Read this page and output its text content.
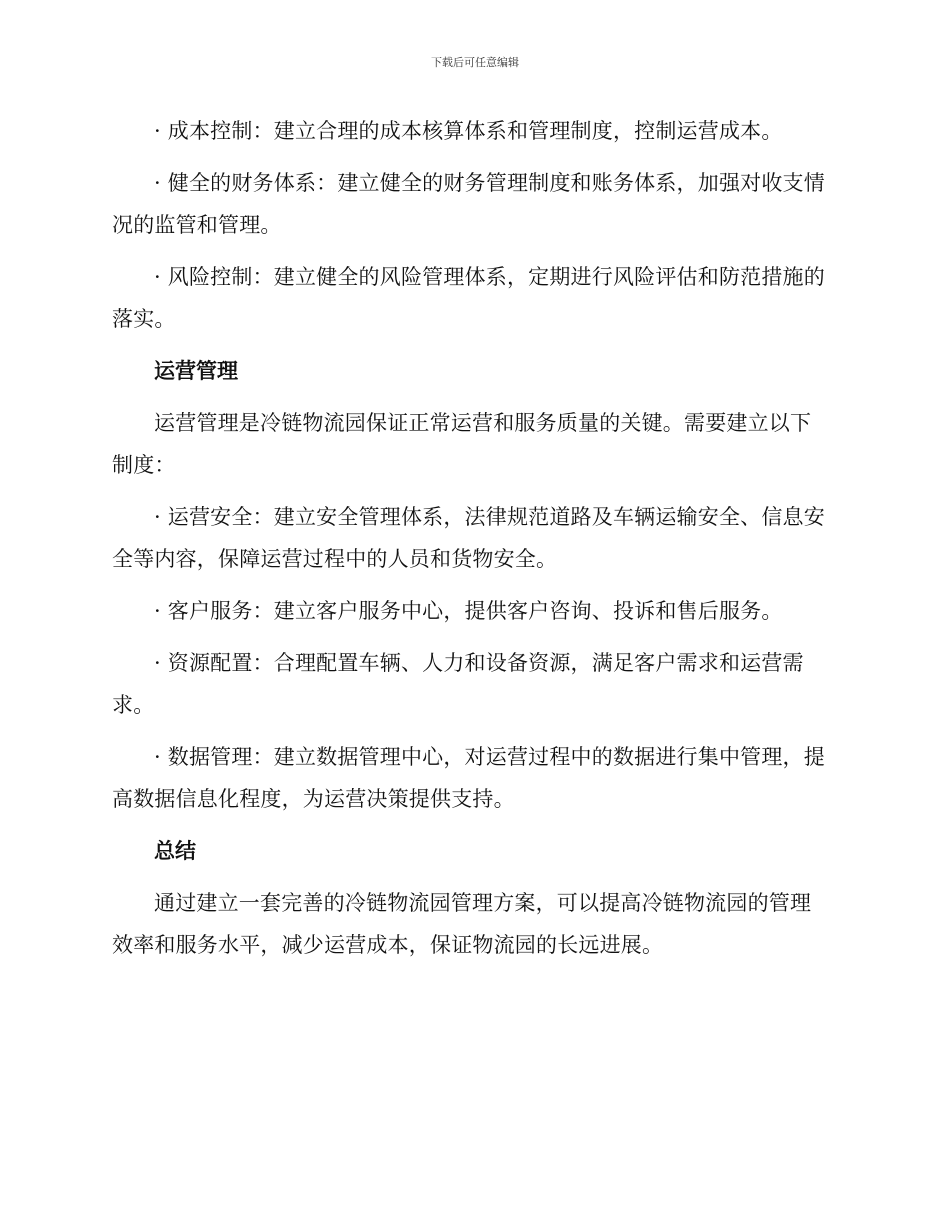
下载后可任意编辑

· 成本控制：建立合理的成本核算体系和管理制度，控制运营成本。

· 健全的财务体系：建立健全的财务管理制度和账务体系，加强对收支情况的监管和管理。

· 风险控制：建立健全的风险管理体系，定期进行风险评估和防范措施的落实。

运营管理

运营管理是冷链物流园保证正常运营和服务质量的关键。需要建立以下制度：

· 运营安全：建立安全管理体系，法律规范道路及车辆运输安全、信息安全等内容，保障运营过程中的人员和货物安全。

· 客户服务：建立客户服务中心，提供客户咨询、投诉和售后服务。

· 资源配置：合理配置车辆、人力和设备资源，满足客户需求和运营需求。

· 数据管理：建立数据管理中心，对运营过程中的数据进行集中管理，提高数据信息化程度，为运营决策提供支持。

总结

通过建立一套完善的冷链物流园管理方案，可以提高冷链物流园的管理效率和服务水平，减少运营成本，保证物流园的长远进展。
